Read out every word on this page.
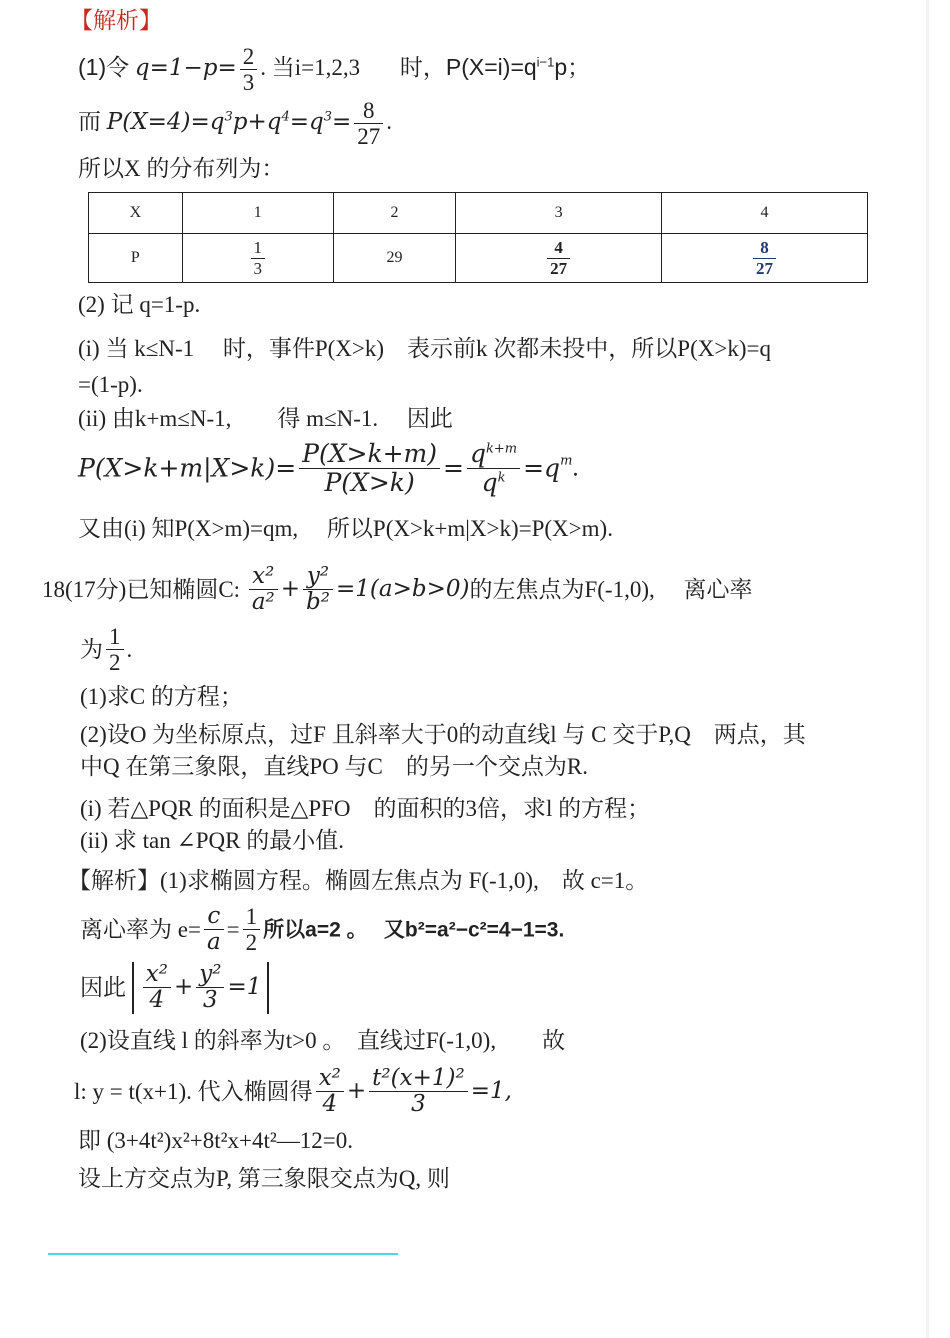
【解析】
(1)令 $q=1-p= \frac{2}{3}$ . 当i=1,2,3 时，$P(X=i)=q^{i-1}p$；
而 $P(X=4)=q^3p+q^4=q^3= \frac{8}{27}$ .
所以X 的分布列为：
X	1	2	3	4
P	$\frac{1}{3}$	29	$\frac{4}{27}$	$\frac{8}{27}$
(2) 记 q=1-p.
(i) 当 k≤N-1　 时，事件P(X>k)　表示前k 次都未投中，所以P(X>k)=q
=(1-p).
(ii) 由k+m≤N-1,　　得 m≤N-1.　 因此
$P(X>k+m|X>k)= \frac{P(X>k+m)}{P(X>k)} = \frac{q^{k+m}}{q^k} =q^m$.
又由(i) 知P(X>m)=qm,　 所以P(X>k+m|X>k)=P(X>m).
18(17分)已知椭圆C: $\frac{\text{x²}}{\text{a²}} + \frac{\text{y²}}{\text{b²}} =1(a>b>0)$的左焦点为F(-1,0),　 离心率
为 $\frac{1}{2}$ .
(1)求C 的方程；
(2)设O 为坐标原点，过F 且斜率大于0的动直线l 与 C 交于P,Q　两点，其
中Q 在第三象限，直线PO 与C　的另一个交点为R.
(i) 若△PQR 的面积是△PFO　的面积的3倍，求l 的方程；
(ii) 求 tan ∠PQR 的最小值.
【解析】(1)求椭圆方程。椭圆左焦点为 F(-1,0),　故 c=1。
离心率为 $e= \frac{c}{a} = \frac{1}{2}$ 所以a=2 。　 又b²=a²−c²=4−1=3.
因此 $\frac{\text{x²}}{4} + \frac{\text{y²}}{3} =1$
(2)设直线 l 的斜率为t>0 。　直线过F(-1,0),　　故
l: y = t(x+1). 代入椭圆得 $\frac{\text{x²}}{4} + \frac{\text{t²(x+1)²}}{3} =1$,
即 (3+4t²)x²+8t²x+4t²—12=0.
设上方交点为P, 第三象限交点为Q, 则
